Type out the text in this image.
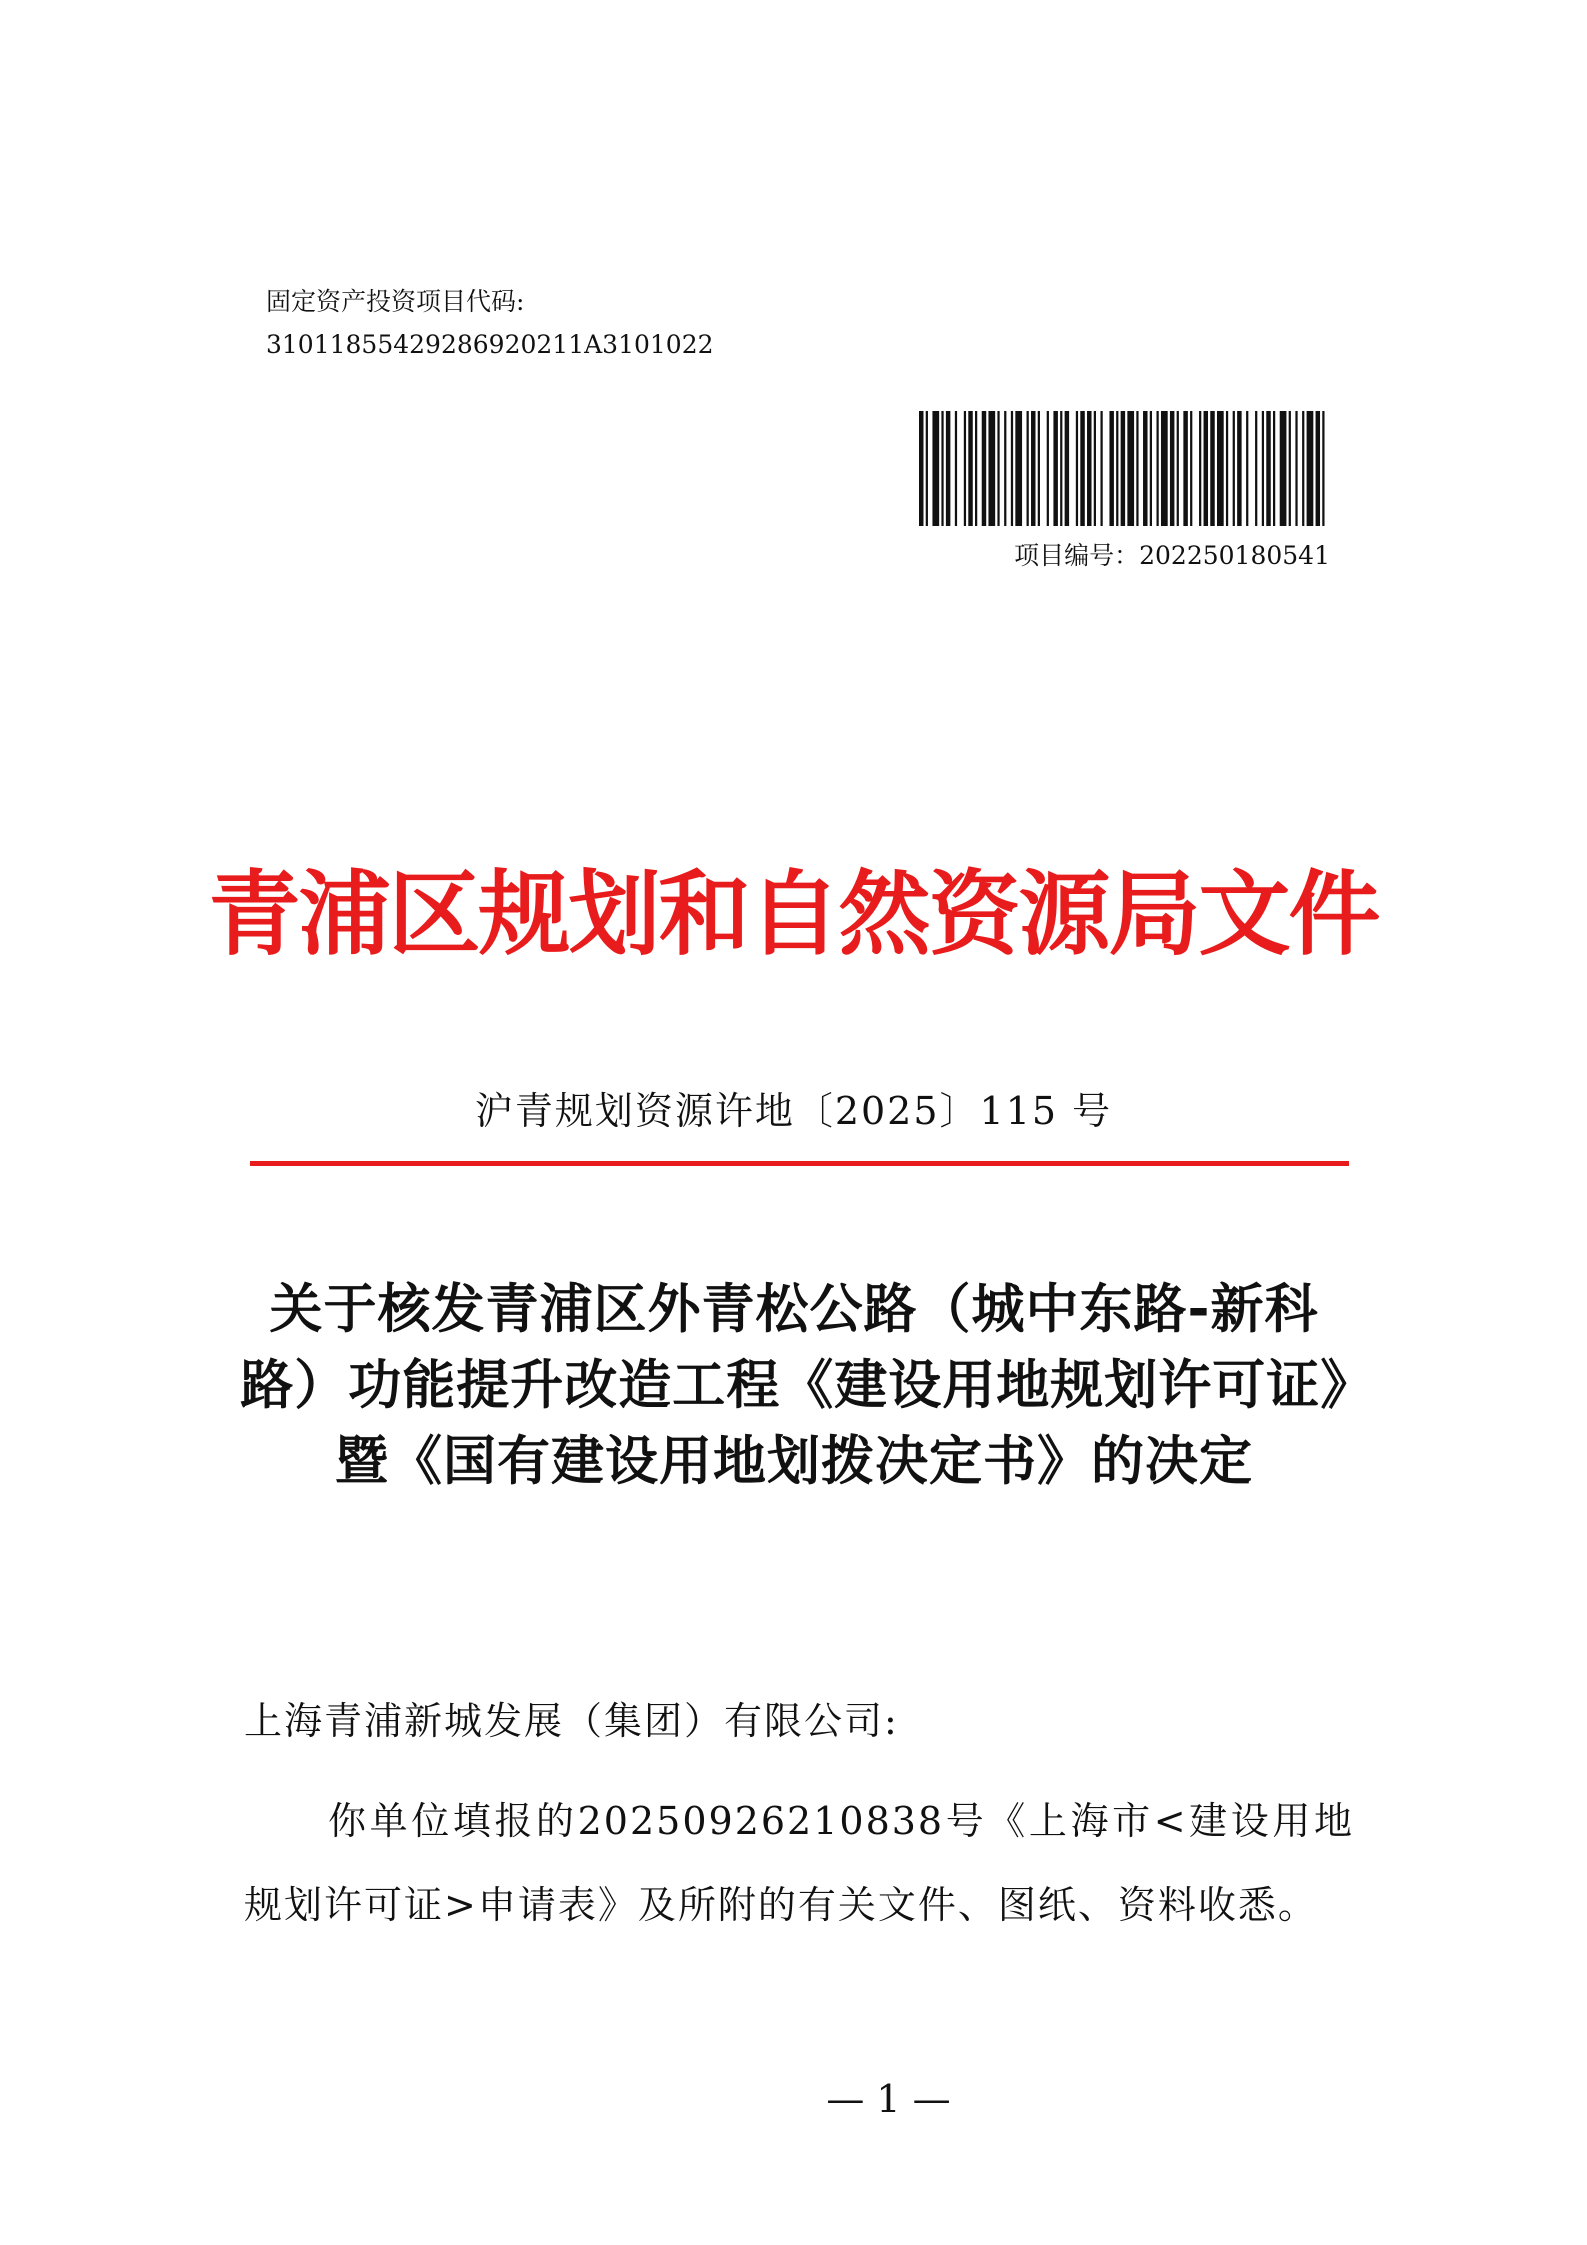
固定资产投资项目代码:
31011855429286920211A3101022
项目编号：202250180541
青浦区规划和自然资源局文件
沪青规划资源许地〔2025〕115 号
关于核发青浦区外青松公路（城中东路-新科路）功能提升改造工程《建设用地规划许可证》暨《国有建设用地划拨决定书》的决定
上海青浦新城发展（集团）有限公司:
你单位填报的20250926210838号《上海市<建设用地规划许可证>申请表》及所附的有关文件、图纸、资料收悉。
— 1 —
